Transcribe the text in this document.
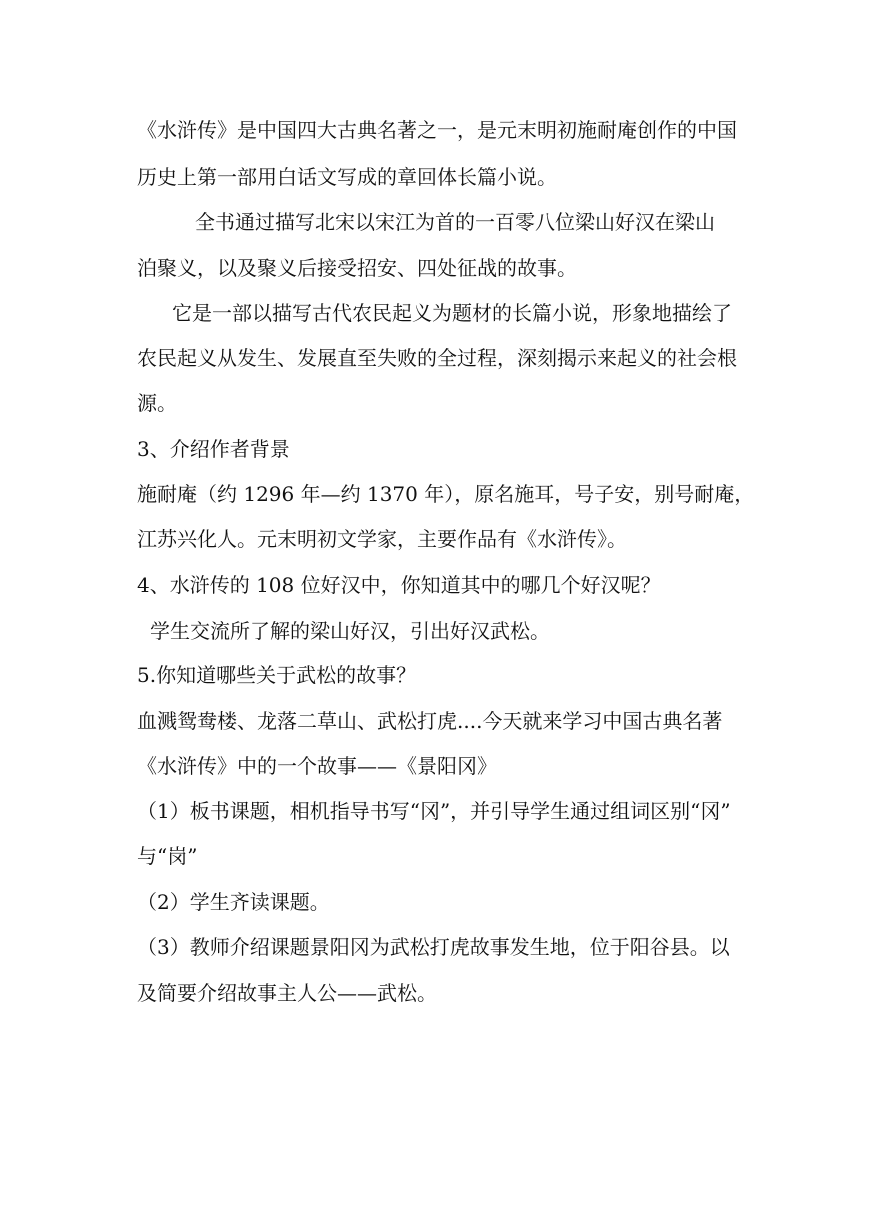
《水浒传》是中国四大古典名著之一，是元末明初施耐庵创作的中国
历史上第一部用白话文写成的章回体长篇小说。
全书通过描写北宋以宋江为首的一百零八位梁山好汉在梁山
泊聚义，以及聚义后接受招安、四处征战的故事。
它是一部以描写古代农民起义为题材的长篇小说，形象地描绘了
农民起义从发生、发展直至失败的全过程，深刻揭示来起义的社会根
源。
3、介绍作者背景
施耐庵（约 1296 年—约 1370 年），原名施耳，号子安，别号耐庵，
江苏兴化人。元末明初文学家，主要作品有《水浒传》。
4、水浒传的 108 位好汉中，你知道其中的哪几个好汉呢？
学生交流所了解的梁山好汉，引出好汉武松。
5.你知道哪些关于武松的故事？
血溅鸳鸯楼、龙落二草山、武松打虎....今天就来学习中国古典名著
《水浒传》中的一个故事——《景阳冈》
（1）板书课题，相机指导书写“冈”，并引导学生通过组词区别“冈”
与“岗”
（2）学生齐读课题。
（3）教师介绍课题景阳冈为武松打虎故事发生地，位于阳谷县。以
及简要介绍故事主人公——武松。
